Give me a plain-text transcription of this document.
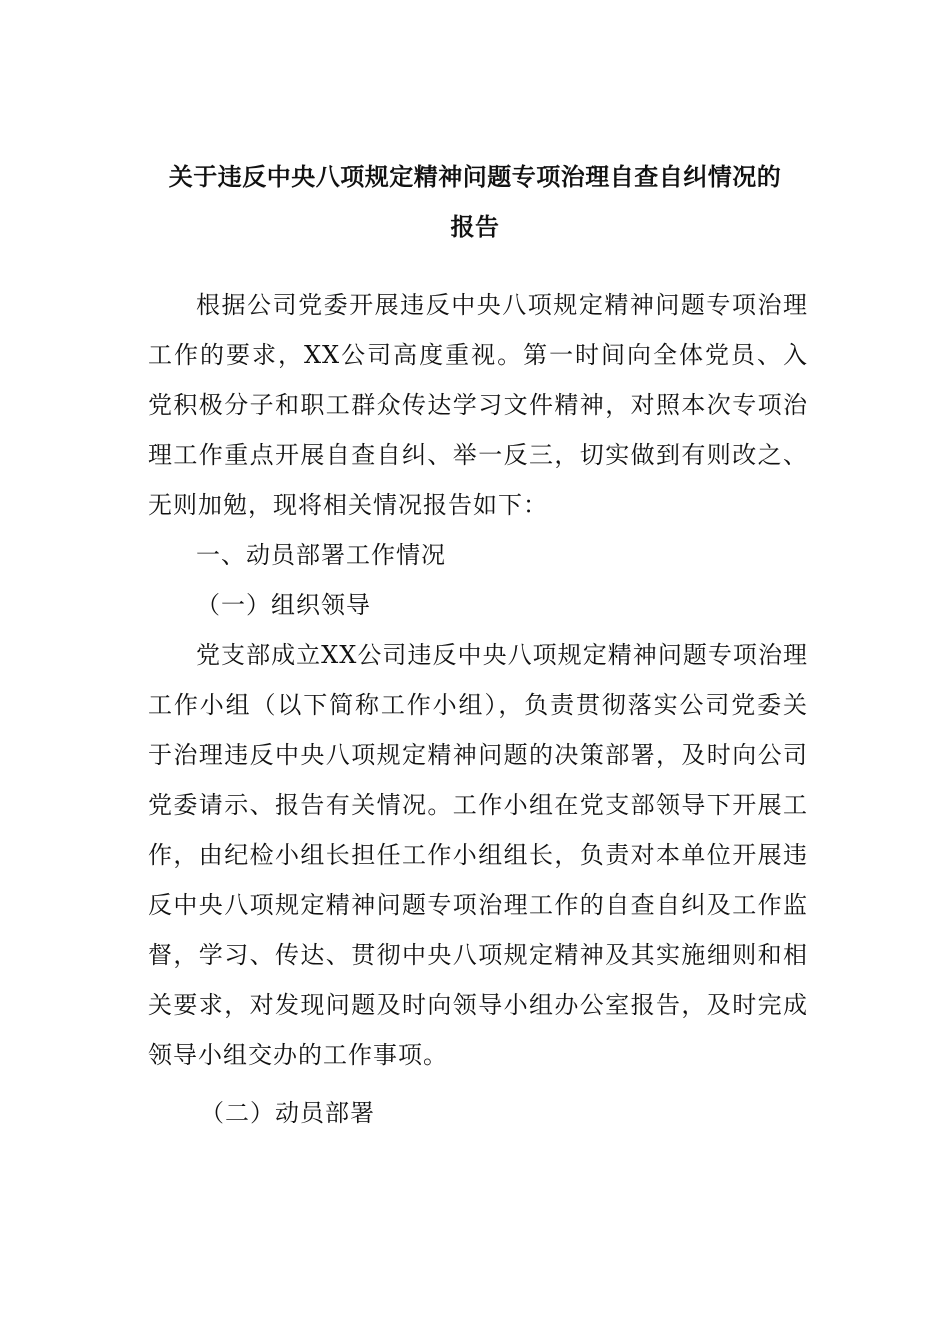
关于违反中央八项规定精神问题专项治理自查自纠情况的
报告

根据公司党委开展违反中央八项规定精神问题专项治理工作的要求，XX公司高度重视。第一时间向全体党员、入党积极分子和职工群众传达学习文件精神，对照本次专项治理工作重点开展自查自纠、举一反三，切实做到有则改之、无则加勉，现将相关情况报告如下：

一、动员部署工作情况

（一）组织领导

党支部成立XX公司违反中央八项规定精神问题专项治理工作小组（以下简称工作小组），负责贯彻落实公司党委关于治理违反中央八项规定精神问题的决策部署，及时向公司党委请示、报告有关情况。工作小组在党支部领导下开展工作，由纪检小组长担任工作小组组长，负责对本单位开展违反中央八项规定精神问题专项治理工作的自查自纠及工作监督，学习、传达、贯彻中央八项规定精神及其实施细则和相关要求，对发现问题及时向领导小组办公室报告，及时完成领导小组交办的工作事项。

（二）动员部署
